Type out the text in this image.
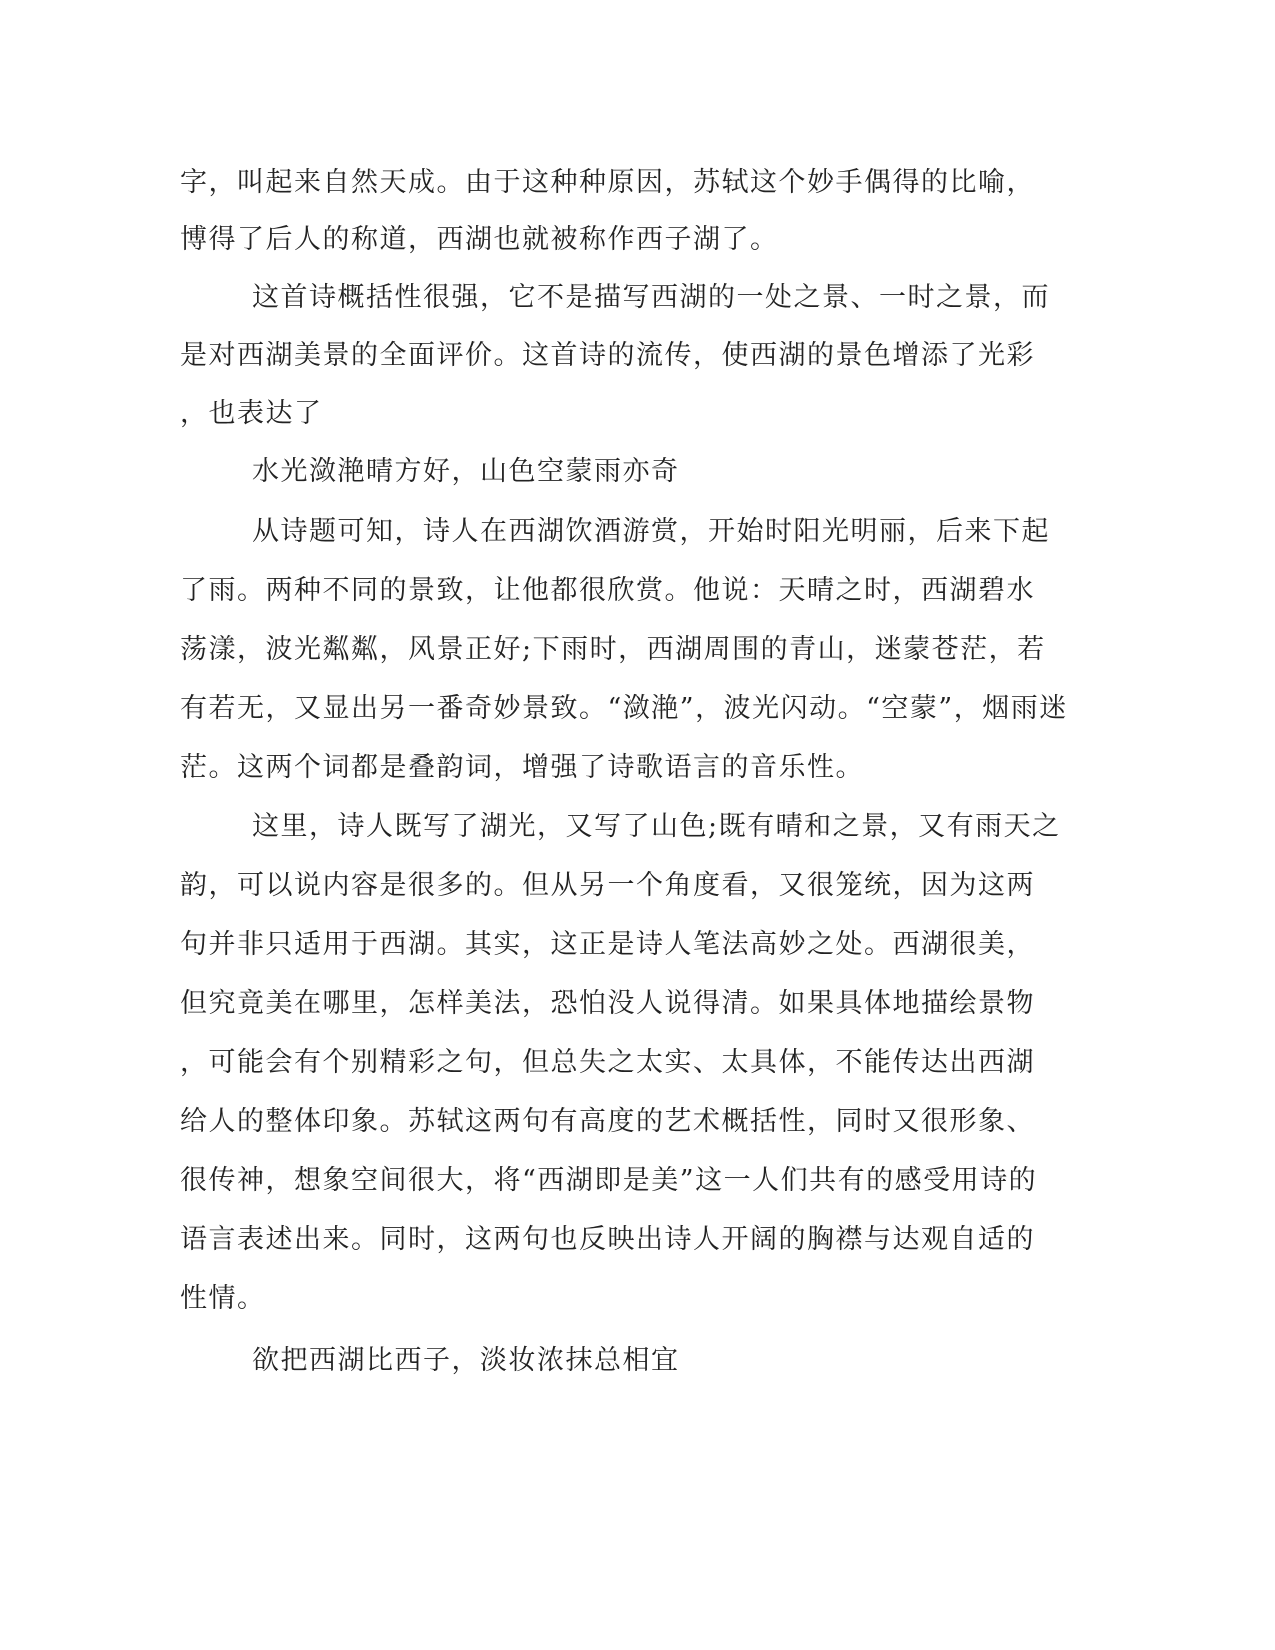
字，叫起来自然天成。由于这种种原因，苏轼这个妙手偶得的比喻，
博得了后人的称道，西湖也就被称作西子湖了。
这首诗概括性很强，它不是描写西湖的一处之景、一时之景，而
是对西湖美景的全面评价。这首诗的流传，使西湖的景色增添了光彩
，也表达了
水光潋滟晴方好，山色空蒙雨亦奇
从诗题可知，诗人在西湖饮酒游赏，开始时阳光明丽，后来下起
了雨。两种不同的景致，让他都很欣赏。他说：天晴之时，西湖碧水
荡漾，波光粼粼，风景正好;下雨时，西湖周围的青山，迷蒙苍茫，若
有若无，又显出另一番奇妙景致。“潋滟”，波光闪动。“空蒙”，烟雨迷
茫。这两个词都是叠韵词，增强了诗歌语言的音乐性。
这里，诗人既写了湖光，又写了山色;既有晴和之景，又有雨天之
韵，可以说内容是很多的。但从另一个角度看，又很笼统，因为这两
句并非只适用于西湖。其实，这正是诗人笔法高妙之处。西湖很美，
但究竟美在哪里，怎样美法，恐怕没人说得清。如果具体地描绘景物
，可能会有个别精彩之句，但总失之太实、太具体，不能传达出西湖
给人的整体印象。苏轼这两句有高度的艺术概括性，同时又很形象、
很传神，想象空间很大，将“西湖即是美”这一人们共有的感受用诗的
语言表述出来。同时，这两句也反映出诗人开阔的胸襟与达观自适的
性情。
欲把西湖比西子，淡妆浓抹总相宜
